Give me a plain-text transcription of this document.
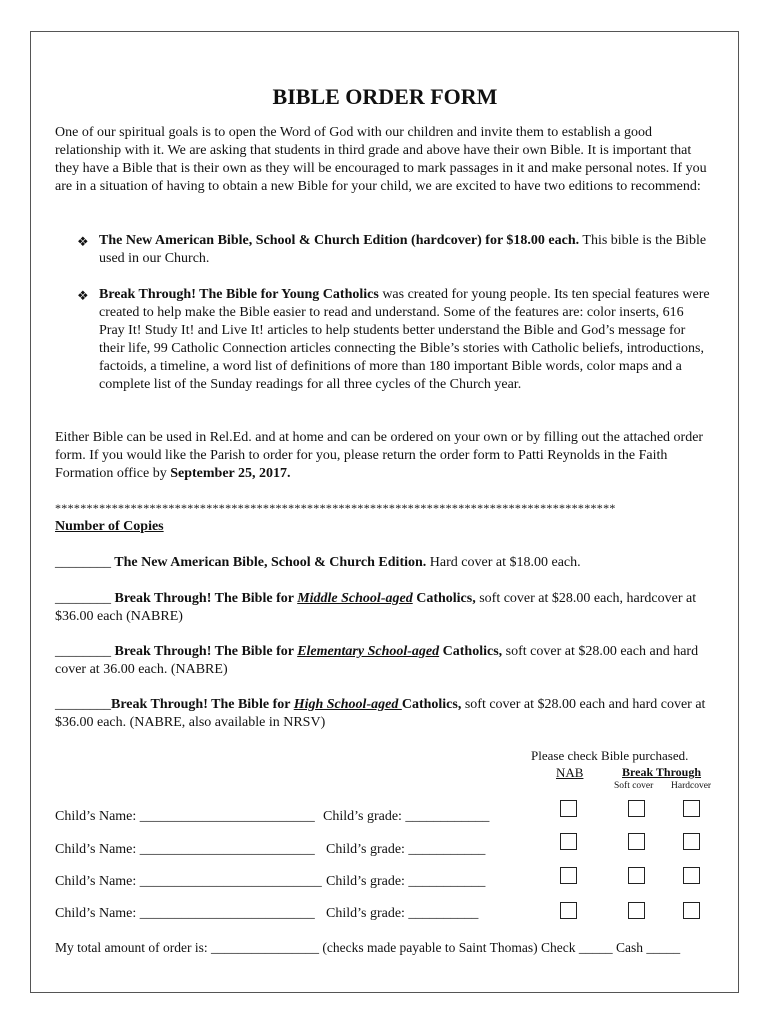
BIBLE ORDER FORM
One of our spiritual goals is to open the Word of God with our children and invite them to establish a good relationship with it. We are asking that students in third grade and above have their own Bible. It is important that they have a Bible that is their own as they will be encouraged to mark passages in it and make personal notes. If you are in a situation of having to obtain a new Bible for your child, we are excited to have two editions to recommend:
❖ The New American Bible, School & Church Edition (hardcover) for $18.00 each. This bible is the Bible used in our Church.
❖ Break Through! The Bible for Young Catholics was created for young people. Its ten special features were created to help make the Bible easier to read and understand. Some of the features are: color inserts, 616 Pray It! Study It! and Live It! articles to help students better understand the Bible and God’s message for their life, 99 Catholic Connection articles connecting the Bible’s stories with Catholic beliefs, introductions, factoids, a timeline, a word list of definitions of more than 180 important Bible words, color maps and a complete list of the Sunday readings for all three cycles of the Church year.
Either Bible can be used in Rel.Ed. and at home and can be ordered on your own or by filling out the attached order form. If you would like the Parish to order for you, please return the order form to Patti Reynolds in the Faith Formation office by September 25, 2017.
*****************************************************************************************
Number of Copies
________ The New American Bible, School & Church Edition. Hard cover at $18.00 each.
________ Break Through! The Bible for Middle School-aged Catholics, soft cover at $28.00 each, hardcover at $36.00 each (NABRE)
________ Break Through! The Bible for Elementary School-aged Catholics, soft cover at $28.00 each and hard cover at 36.00 each. (NABRE)
________Break Through! The Bible for High School-aged Catholics, soft cover at $28.00 each and hard cover at $36.00 each. (NABRE, also available in NRSV)
Please check Bible purchased.
NAB	Break Through
Soft cover Hardcover
Child’s Name: _________________________ Child’s grade: ____________
Child’s Name: _________________________ Child’s grade: ___________
Child’s Name: __________________________ Child’s grade: ___________
Child’s Name: _________________________ Child’s grade: __________
My total amount of order is: ________________ (checks made payable to Saint Thomas) Check _____ Cash _____
